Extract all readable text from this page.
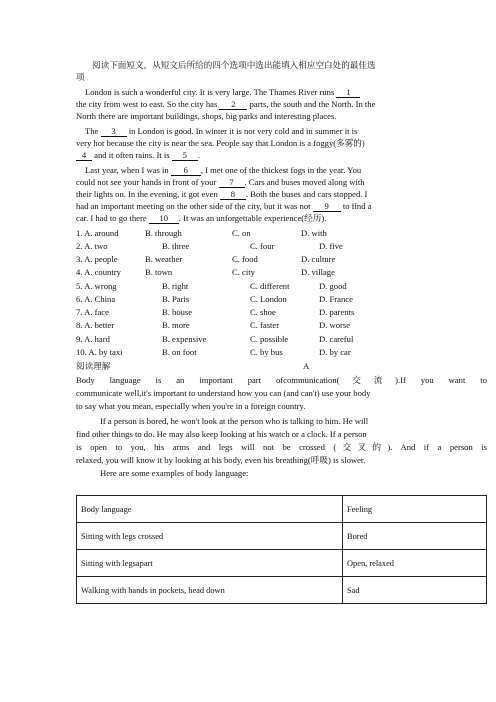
阅读下面短文，从短文后所给的四个选项中选出能填入相应空白处的最佳选
项
London is such a wonderful city. It is very large. The Thames River runs 1
the city from west to east. So the city has 2 parts, the south and the North. In the
North there are important buildings, shops, big parks and interesting places.
The 3 in London is good. In winter it is not very cold and in summer it is
very hot because the city is near the sea. People say that London is a foggy(多雾的)
4 and it often rains. It is 5 .
Last year, when I was in 6 , I met one of the thickest fogs in the year. You
could not see your hands in front of your 7 . Cars and buses moved along with
their lights on. In the evening, it got even 8 . Both the buses and cars stopped. I
had an important meeting on the other side of the city, but it was not 9 to find a
car. I had to go there 10 . It was an unforgettable experience(经历).
1. A. around	B. through	C. on	D. with
2. A. two	B. three	C. four	D. five
3. A. people	B. weather	C. food	D. culture
4. A. country	B. town	C. city	D. village
5. A. wrong	B. right	C. different	D. good
6. A. China	B. Paris	C. London	D. France
7. A. face	B. house	C. shoe	D. parents
8. A. better	B. more	C. faster	D. worse
9. A. hard	B. expensive	C. possible	D. careful
10. A. by taxi	B. on foot	C. by bus	D. by car
阅读理解	A
Body language is an important part ofcommunication(交流).If you want to
communicate well,it's important to understand how you can (and can't) use your body
to say what you mean, especially when you're in a foreign country.
If a person is bored, he won't look at the person who is talking to him. He will
find other things to do. He may also keep looking at his watch or a clock. If a person
is open to you, his arms and legs will not be crossed (交叉的). And if a person is
relaxed, you will know it by looking at his body, even his breathing(呼吸) is slower.
Here are some examples of body language:
Body language	Feeling
Sitting with legs crossed	Bored
Sitting with legsapart	Open, relaxed
Walking with hands in pockets, head down	Sad
